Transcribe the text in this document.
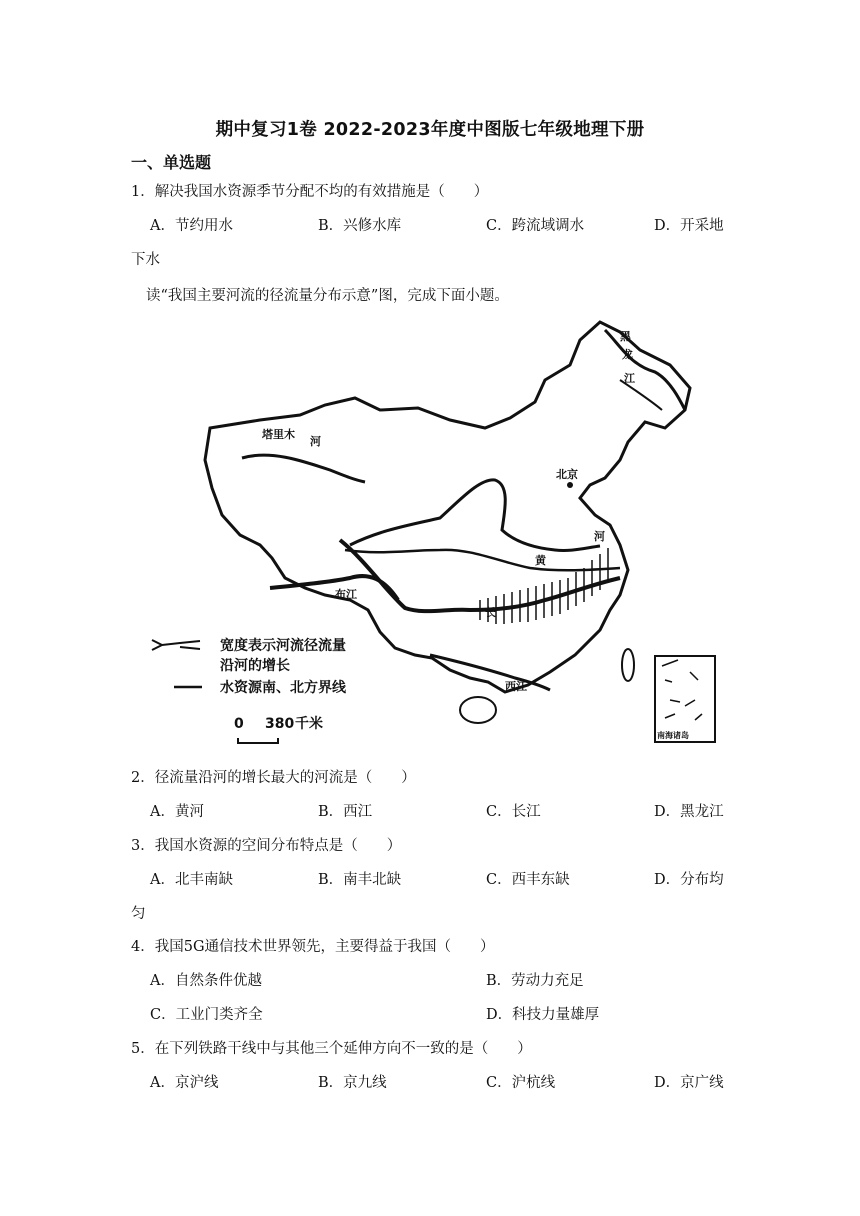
期中复习1卷 2022-2023年度中图版七年级地理下册
一、单选题
1．解决我国水资源季节分配不均的有效措施是（　　）
A．节约用水	B．兴修水库	C．跨流域调水	D．开采地
下水
读“我国主要河流的径流量分布示意”图，完成下面小题。
塔里木
河
布江
黑
龙
江
黄
河
长
西江
北京
宽度表示河流径流量
沿河的增长
水资源南、北方界线
0 380 千米
南海诸岛
2．径流量沿河的增长最大的河流是（　　）
A．黄河	B．西江	C．长江	D．黑龙江
3．我国水资源的空间分布特点是（　　）
A．北丰南缺	B．南丰北缺	C．西丰东缺	D．分布均
匀
4．我国5G通信技术世界领先，主要得益于我国（　　）
A．自然条件优越	B．劳动力充足
C．工业门类齐全	D．科技力量雄厚
5．在下列铁路干线中与其他三个延伸方向不一致的是（　　）
A．京沪线	B．京九线	C．沪杭线	D．京广线
